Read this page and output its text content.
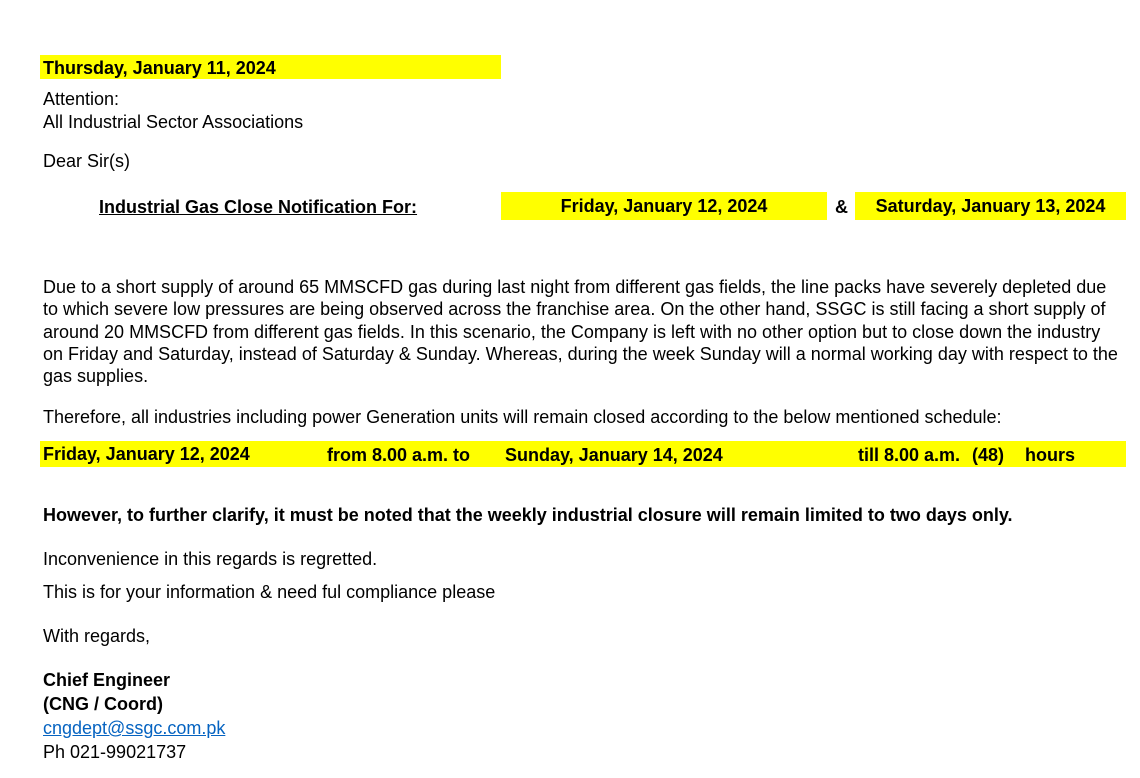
Thursday, January 11, 2024
Attention:
All Industrial Sector Associations
Dear Sir(s)
Industrial Gas Close Notification For:	Friday, January 12, 2024	&	Saturday, January 13, 2024
Due to a short supply of around 65 MMSCFD gas during last night from different gas fields, the line packs have severely depleted due to which severe low pressures are being observed across the franchise area. On the other hand, SSGC is still facing a short supply of around 20 MMSCFD from different gas fields. In this scenario, the Company is left with no other option but to close down the industry on Friday and Saturday, instead of Saturday & Sunday. Whereas, during the week Sunday will a normal working day with respect to the gas supplies.
Therefore, all industries including power Generation units will remain closed according to the below mentioned schedule:
Friday, January 12, 2024	from 8.00 a.m. to Sunday, January 14, 2024	till 8.00 a.m. (48) hours
However, to further clarify, it must be noted that the weekly industrial closure will remain limited to two days only.
Inconvenience in this regards is regretted.
This is for your information & need ful compliance please
With regards,
Chief Engineer
(CNG / Coord)
cngdept@ssgc.com.pk
Ph 021-99021737
